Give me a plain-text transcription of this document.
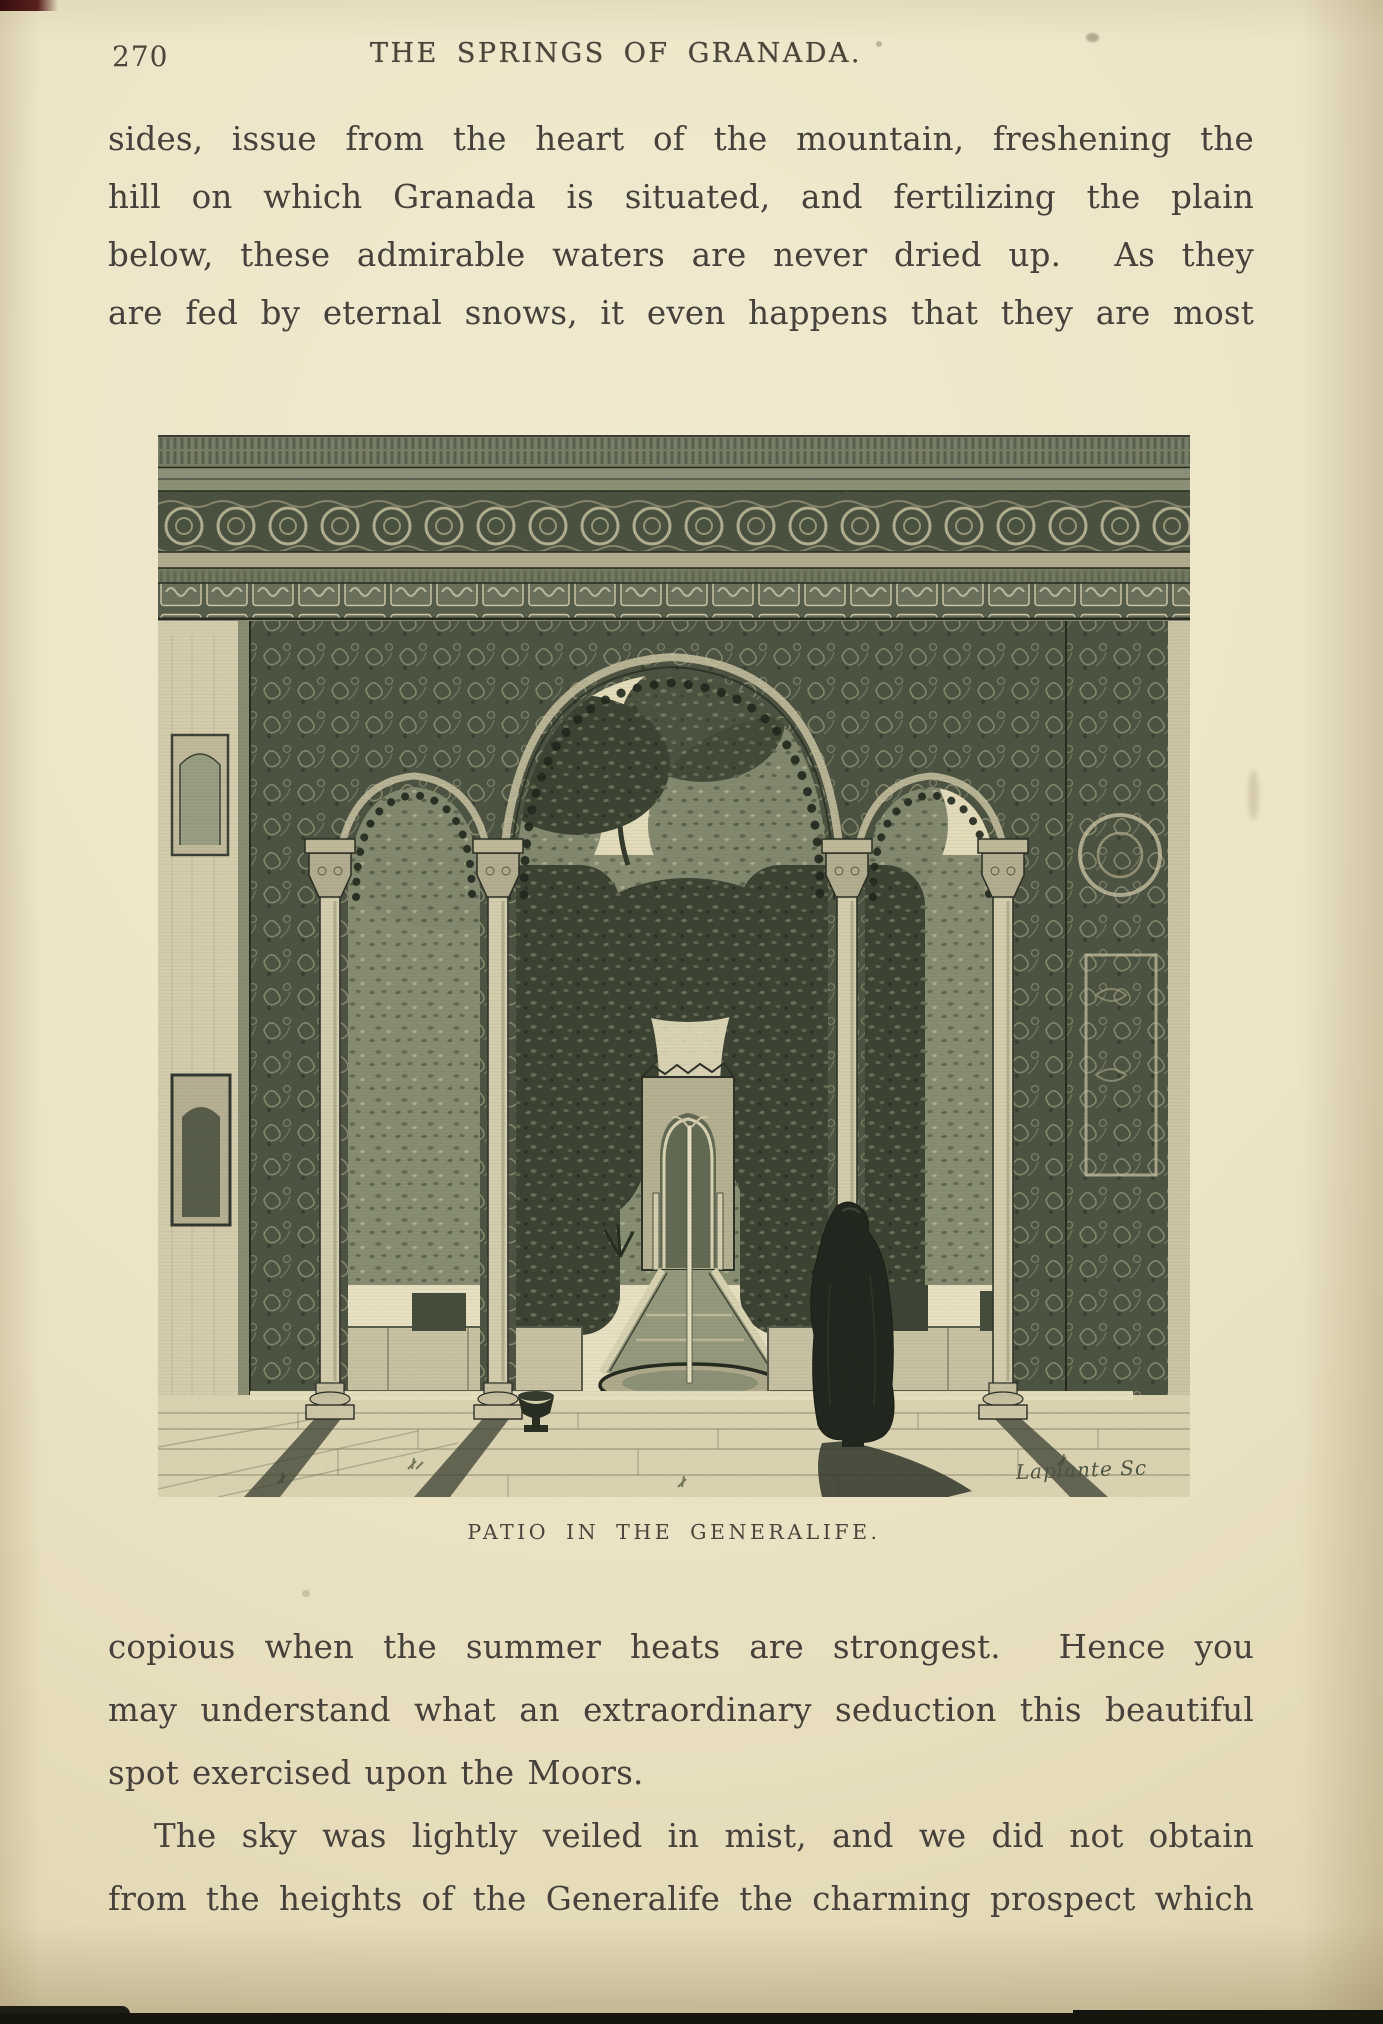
270	THE SPRINGS OF GRANADA.
sides, issue from the heart of the mountain, freshening the
hill on which Granada is situated, and fertilizing the plain
below, these admirable waters are never dried up.  As they
are fed by eternal snows, it even happens that they are most
Laplante Sc
PATIO IN THE GENERALIFE.
copious when the summer heats are strongest.  Hence you
may understand what an extraordinary seduction this beautiful
spot exercised upon the Moors.
The sky was lightly veiled in mist, and we did not obtain
from the heights of the Generalife the charming prospect which
